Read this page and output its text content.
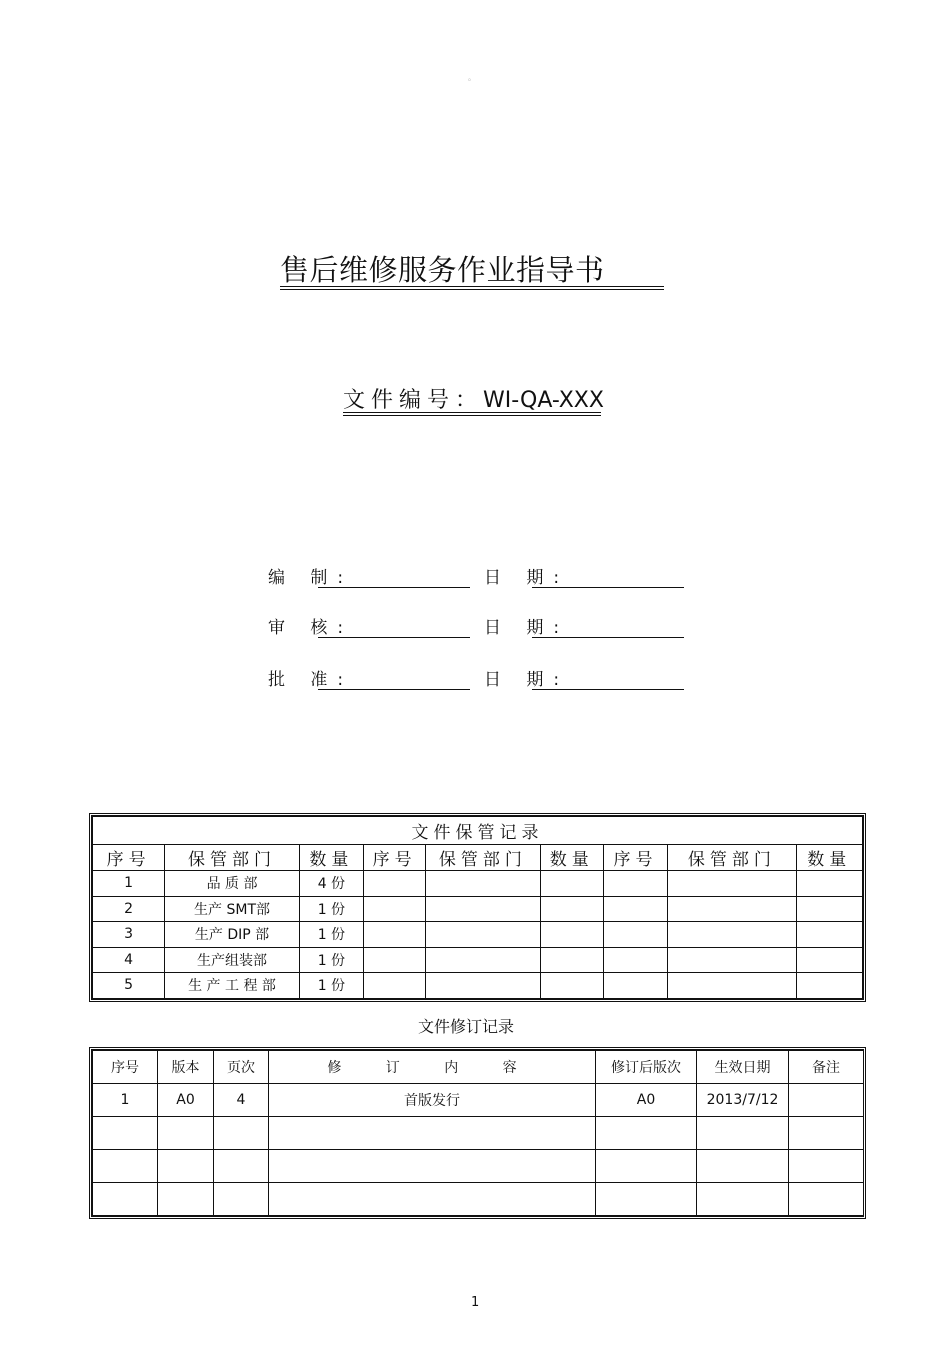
。
售后维修服务作业指导书
文件编号：WI-QA-XXX
编 制:	日 期:
审 核:	日 期:
批 准:	日 期:
文件保管记录								
序号	保管部门	数量	序号	保管部门	数量	序号	保管部门	数量
1	品 质 部	4 份						
2	生产 SMT部	1 份						
3	生产 DIP 部	1 份						
4	生产组装部	1 份						
5	生 产 工 程 部	1 份						
文件修订记录
序号	版本	页次	修 订 内 容	修订后版次	生效日期	备注
1	A0	4	首版发行	A0	2013/7/12	

1
